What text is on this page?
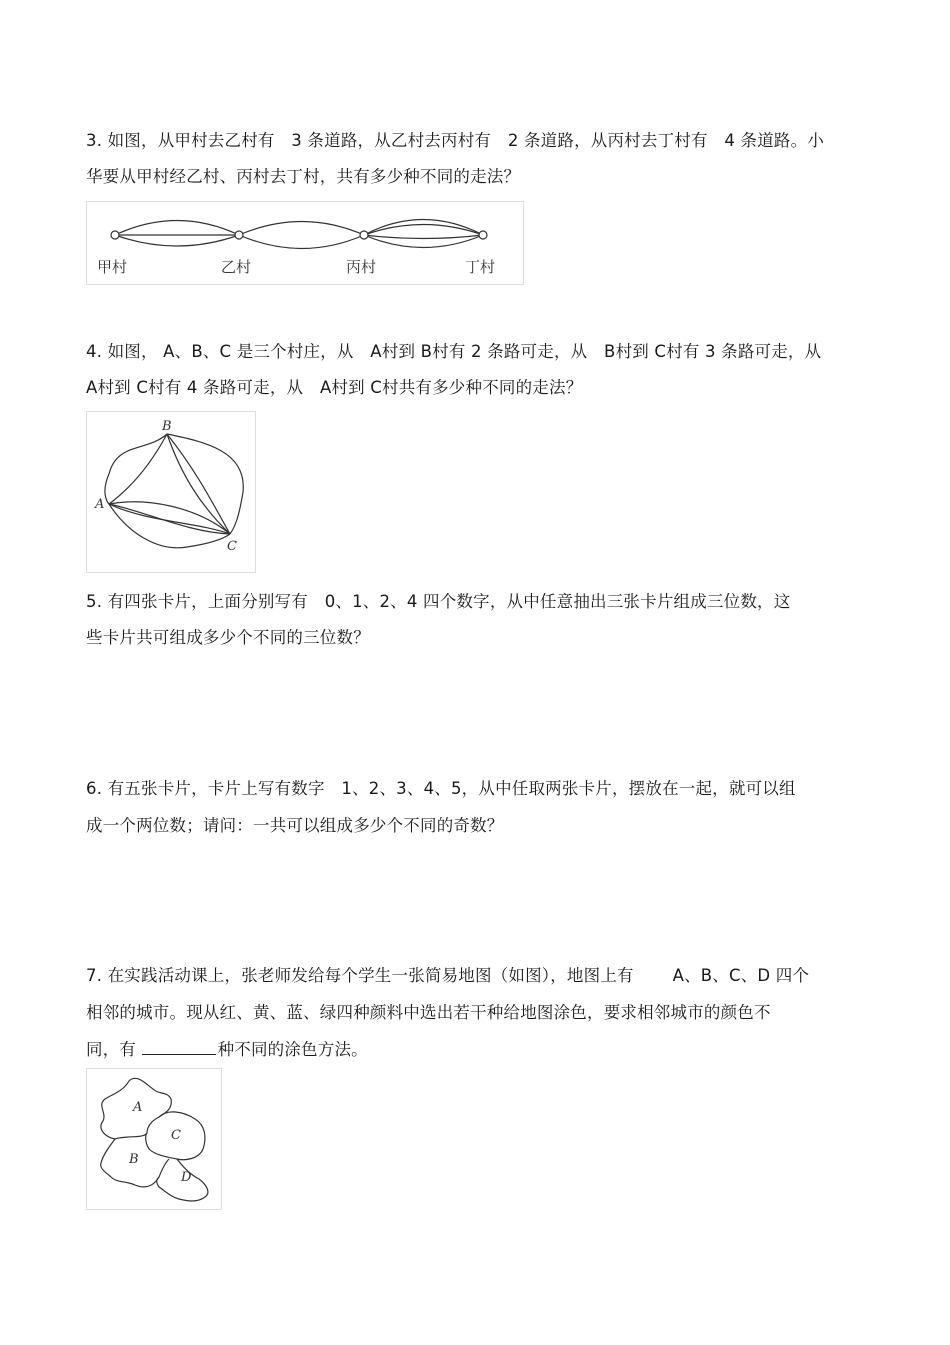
3. 如图，从甲村去乙村有　3 条道路，从乙村去丙村有　2 条道路，从丙村去丁村有　4 条道路。小
华要从甲村经乙村、丙村去丁村，共有多少种不同的走法？
甲村	乙村	丙村	丁村
4. 如图， A、B、C 是三个村庄，从　A村到 B村有 2 条路可走，从　B村到 C村有 3 条路可走，从
A村到 C村有 4 条路可走，从　A村到 C村共有多少种不同的走法？
B
A
C
5. 有四张卡片，上面分别写有　0、1、2、4 四个数字，从中任意抽出三张卡片组成三位数，这
些卡片共可组成多少个不同的三位数？
6. 有五张卡片，卡片上写有数字　1、2、3、4、5，从中任取两张卡片，摆放在一起，就可以组
成一个两位数；请问：一共可以组成多少个不同的奇数？
7. 在实践活动课上，张老师发给每个学生一张简易地图（如图），地图上有　　 A、B、C、D 四个
相邻的城市。现从红、黄、蓝、绿四种颜料中选出若干种给地图涂色，要求相邻城市的颜色不
同，有	种不同的涂色方法。
A
C
B
D
